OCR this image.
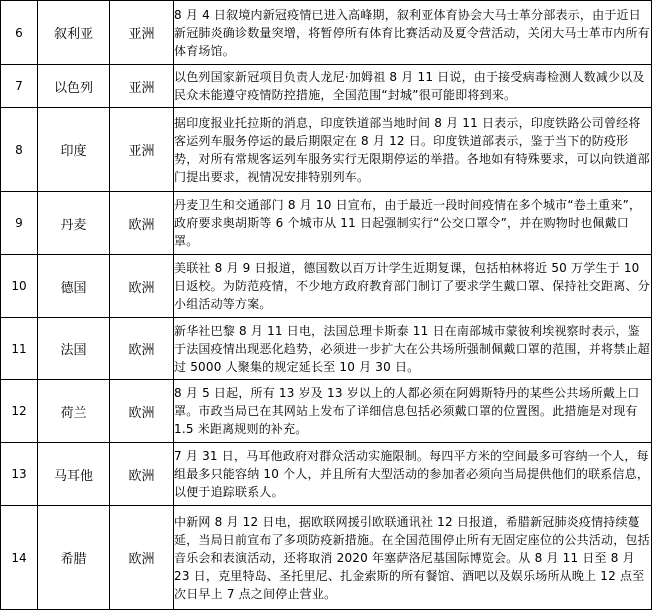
6	叙利亚	亚洲	8 月 4 日叙境内新冠疫情已进入高峰期，叙利亚体育协会大马士革分部表示，由于近日新冠肺炎确诊数量突增，将暂停所有体育比赛活动及夏令营活动，关闭大马士革市内所有体育场馆。

7	以色列	亚洲	以色列国家新冠项目负责人龙尼·加姆祖 8 月 11 日说，由于接受病毒检测人数减少以及民众未能遵守疫情防控措施，全国范围“封城”很可能即将到来。

8	印度	亚洲	据印度报业托拉斯的消息，印度铁道部当地时间 8 月 11 日表示，印度铁路公司曾经将客运列车服务停运的最后期限定在 8 月 12 日。印度铁道部表示，鉴于当下的防疫形势，对所有常规客运列车服务实行无限期停运的举措。各地如有特殊要求，可以向铁道部门提出要求，视情况安排特别列车。

9	丹麦	欧洲	丹麦卫生和交通部门 8 月 10 日宣布，由于最近一段时间疫情在多个城市“卷土重来”，政府要求奥胡斯等 6 个城市从 11 日起强制实行“公交口罩令”，并在购物时也佩戴口罩。

10	德国	欧洲	美联社 8 月 9 日报道，德国数以百万计学生近期复课，包括柏林将近 50 万学生于 10 日返校。为防范疫情，不少地方政府教育部门制订了要求学生戴口罩、保持社交距离、分小组活动等方案。

11	法国	欧洲	新华社巴黎 8 月 11 日电，法国总理卡斯泰 11 日在南部城市蒙彼利埃视察时表示，鉴于法国疫情出现恶化趋势，必须进一步扩大在公共场所强制佩戴口罩的范围，并将禁止超过 5000 人聚集的规定延长至 10 月 30 日。

12	荷兰	欧洲	8 月 5 日起，所有 13 岁及 13 岁以上的人都必须在阿姆斯特丹的某些公共场所戴上口罩。市政当局已在其网站上发布了详细信息包括必须戴口罩的位置图。此措施是对现有 1.5 米距离规则的补充。

13	马耳他	欧洲	7 月 31 日，马耳他政府对群众活动实施限制。每四平方米的空间最多可容纳一个人，每组最多只能容纳 10 个人，并且所有大型活动的参加者必须向当局提供他们的联系信息，以便于追踪联系人。

14	希腊	欧洲	中新网 8 月 12 日电，据欧联网援引欧联通讯社 12 日报道，希腊新冠肺炎疫情持续蔓延，当局日前宣布了多项防疫新措施。在全国范围停止所有无固定座位的公共活动，包括音乐会和表演活动，还将取消 2020 年塞萨洛尼基国际博览会。从 8 月 11 日至 8 月 23 日，克里特岛、圣托里尼、扎金索斯的所有餐馆、酒吧以及娱乐场所从晚上 12 点至次日早上 7 点之间停止营业。
